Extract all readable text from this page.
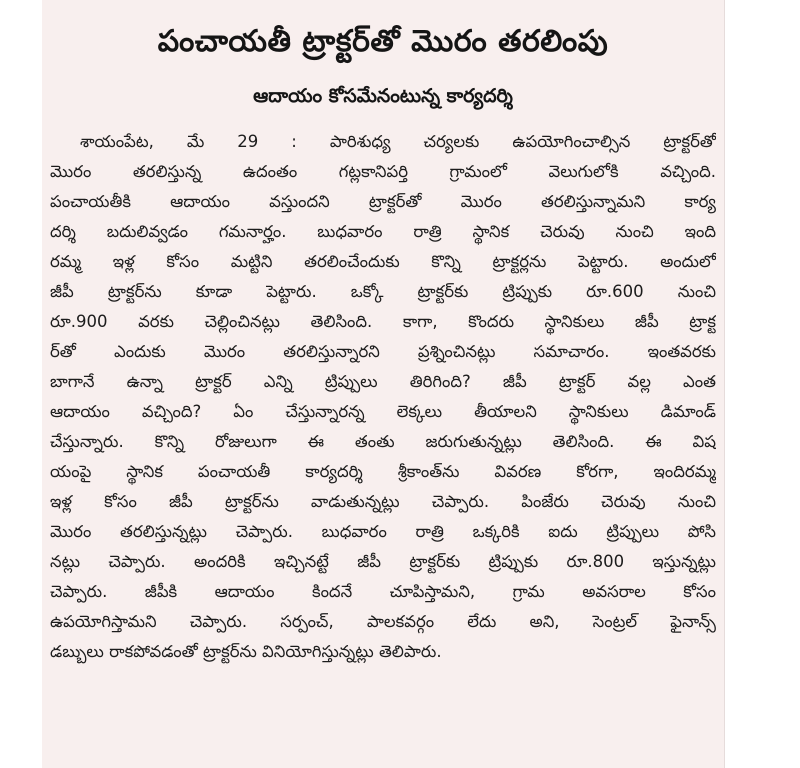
పంచాయతీ ట్రాక్టర్‌తో మొరం తరలింపు
ఆదాయం కోసమేనంటున్న కార్యదర్శి
శాయంపేట, మే 29 : పారిశుధ్య చర్యలకు ఉపయోగించాల్సిన ట్రాక్టర్‌తో
మొరం తరలిస్తున్న ఉదంతం గట్లకానిపర్తి గ్రామంలో వెలుగులోకి వచ్చింది.
పంచాయతీకి ఆదాయం వస్తుందని ట్రాక్టర్‌తో మొరం తరలిస్తున్నామని కార్య
దర్శి బదులివ్వడం గమనార్హం. బుధవారం రాత్రి స్థానిక చెరువు నుంచి ఇంది
రమ్మ ఇళ్ల కోసం మట్టిని తరలించేందుకు కొన్ని ట్రాక్టర్లను పెట్టారు. అందులో
జీపీ ట్రాక్టర్‌ను కూడా పెట్టారు. ఒక్కో ట్రాక్టర్‌కు ట్రిప్పుకు రూ.600 నుంచి
రూ.900 వరకు చెల్లించినట్లు తెలిసింది. కాగా, కొందరు స్థానికులు జీపీ ట్రాక్ట
ర్‌తో ఎందుకు మొరం తరలిస్తున్నారని ప్రశ్నించినట్లు సమాచారం. ఇంతవరకు
బాగానే ఉన్నా ట్రాక్టర్ ఎన్ని ట్రిప్పులు తిరిగింది? జీపీ ట్రాక్టర్ వల్ల ఎంత
ఆదాయం వచ్చింది? ఏం చేస్తున్నారన్న లెక్కలు తీయాలని స్థానికులు డిమాండ్
చేస్తున్నారు. కొన్ని రోజులుగా ఈ తంతు జరుగుతున్నట్లు తెలిసింది. ఈ విష
యంపై స్థానిక పంచాయతీ కార్యదర్శి శ్రీకాంత్‌ను వివరణ కోరగా, ఇందిరమ్మ
ఇళ్ల కోసం జీపీ ట్రాక్టర్‌ను వాడుతున్నట్లు చెప్పారు. పింజేరు చెరువు నుంచి
మొరం తరలిస్తున్నట్లు చెప్పారు. బుధవారం రాత్రి ఒక్కరికి ఐదు ట్రిప్పులు పోసి
నట్లు చెప్పారు. అందరికి ఇచ్చినట్టే జీపీ ట్రాక్టర్‌కు ట్రిప్పుకు రూ.800 ఇస్తున్నట్లు
చెప్పారు. జీపీకి ఆదాయం కిందనే చూపిస్తామని, గ్రామ అవసరాల కోసం
ఉపయోగిస్తామని చెప్పారు. సర్పంచ్, పాలకవర్గం లేదు అని, సెంట్రల్ ఫైనాన్స్
డబ్బులు రాకపోవడంతో ట్రాక్టర్‌ను వినియోగిస్తున్నట్లు తెలిపారు.
